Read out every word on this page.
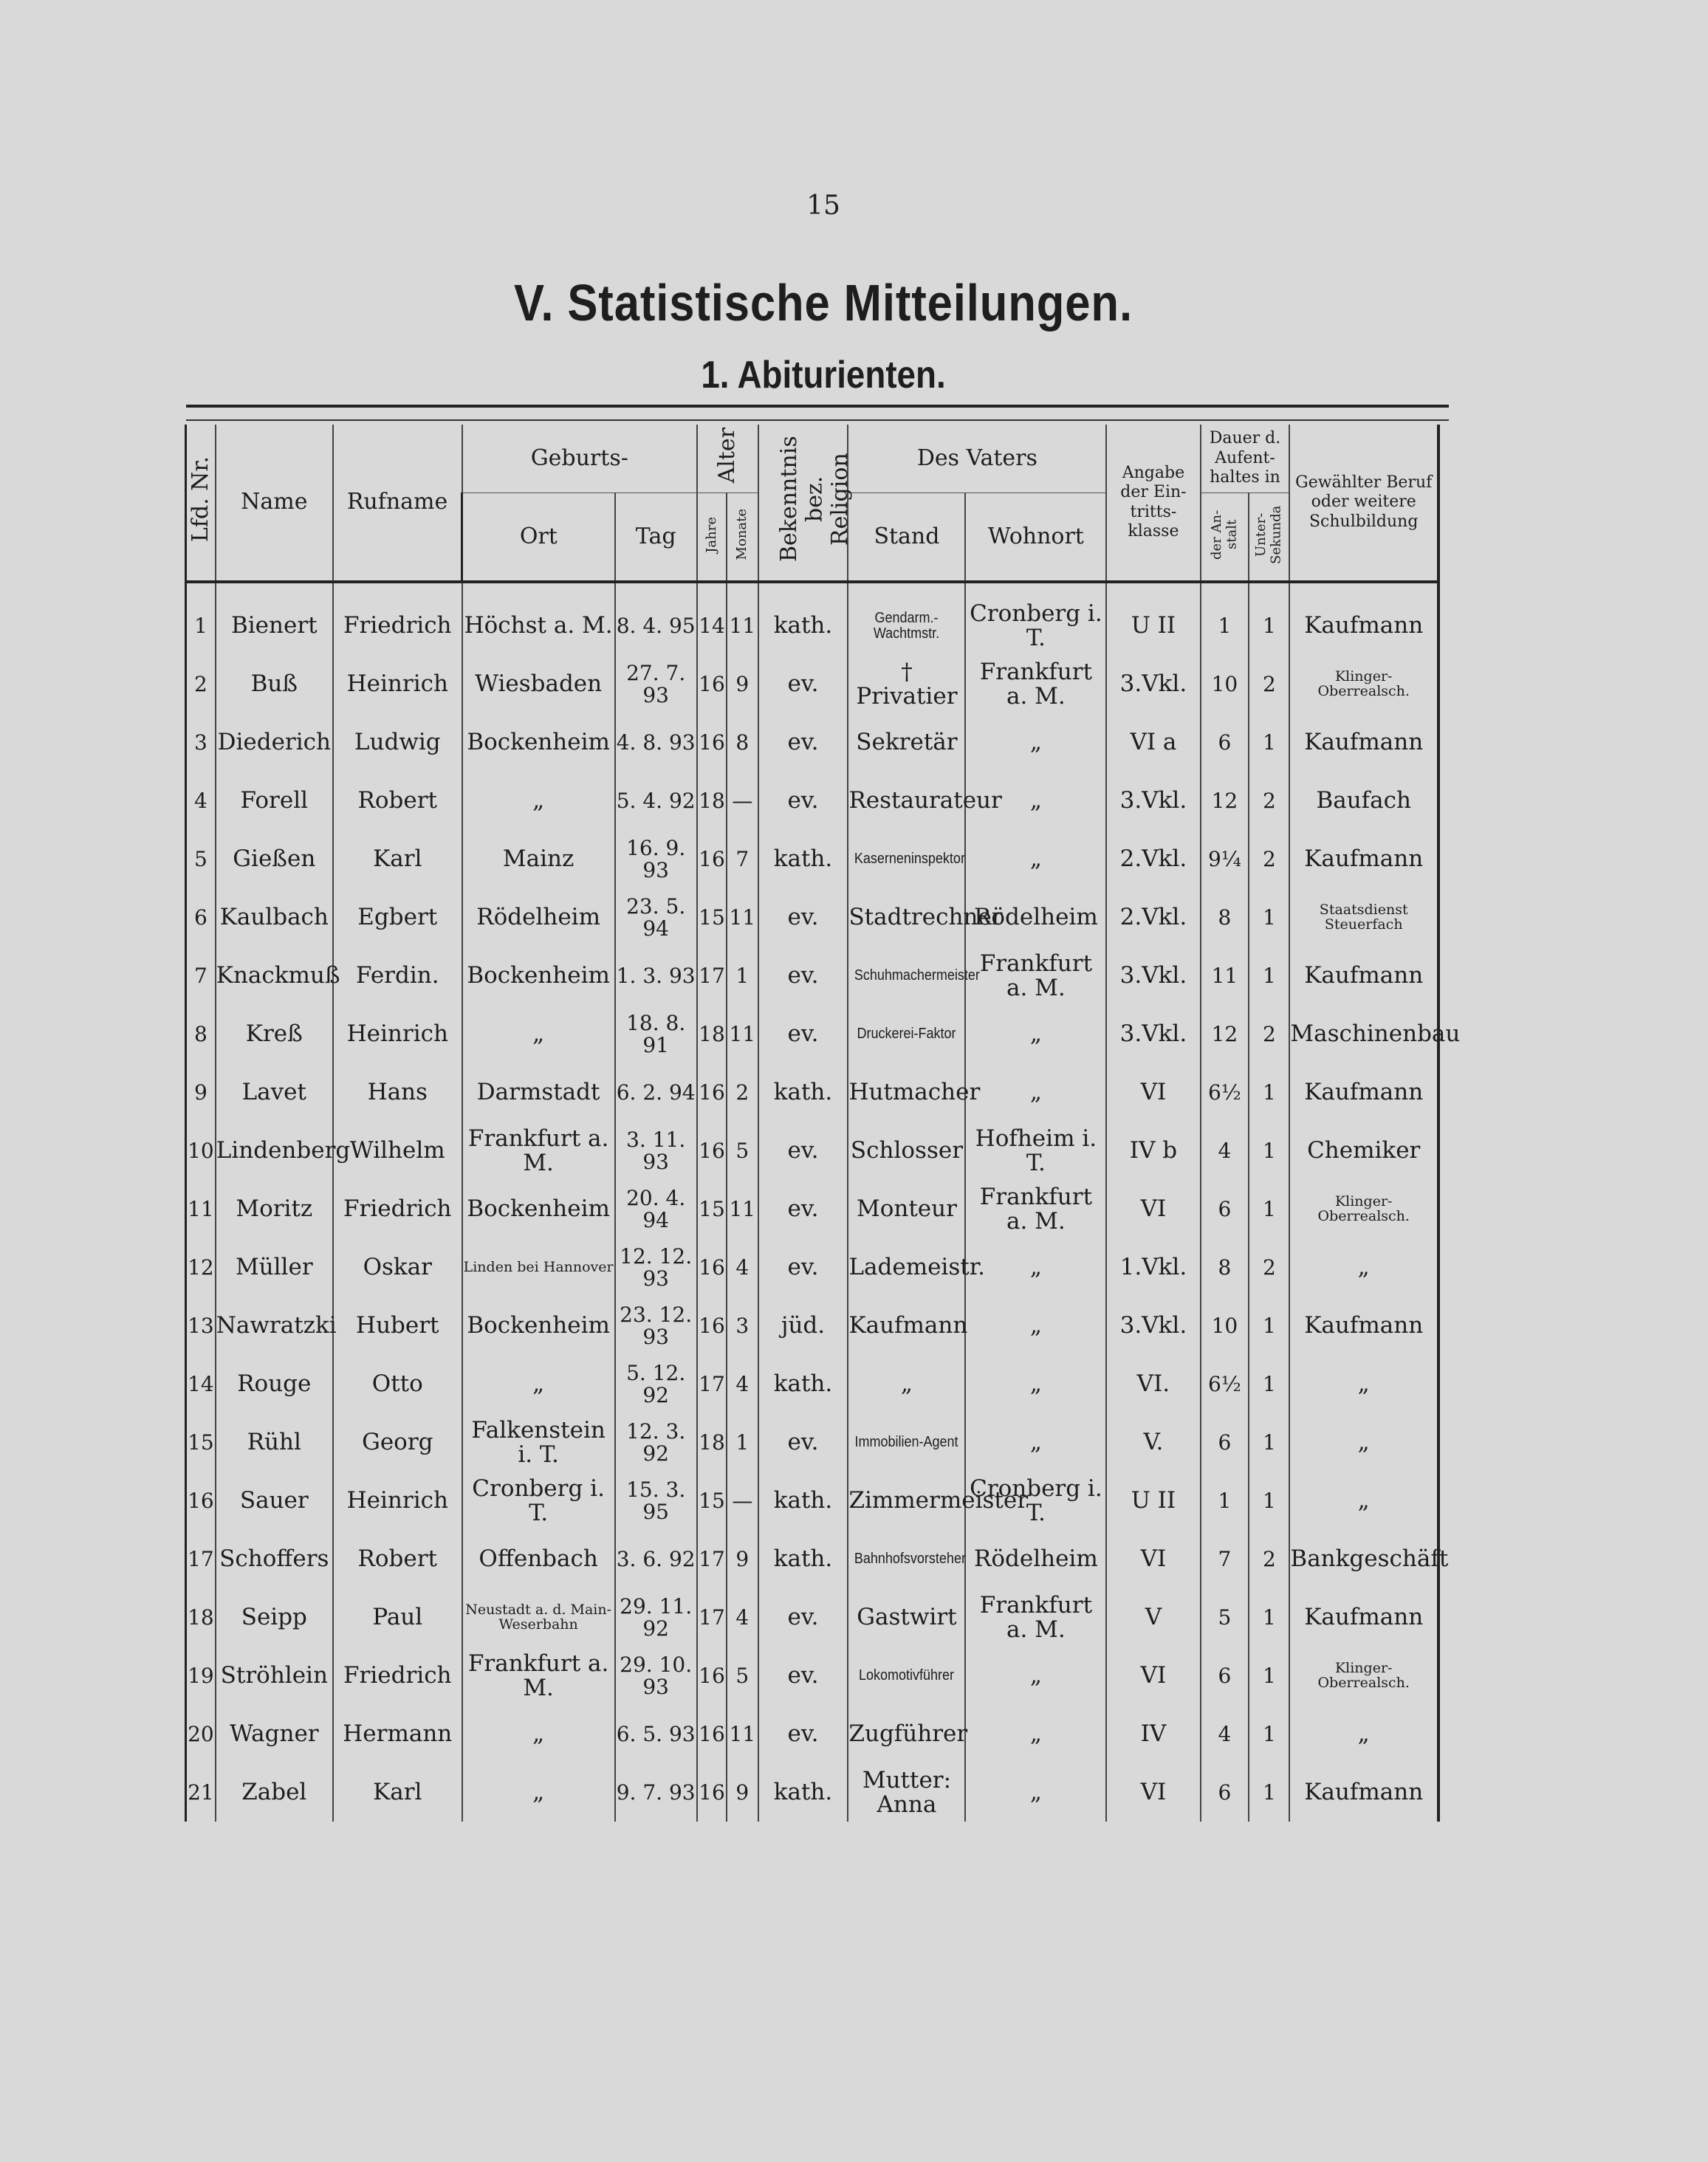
15
V. Statistische Mitteilungen.
1. Abiturienten.
Lfd. Nr.	Name	Rufname	Geburts-		Alter		Bekenntnis bez. Religion	Des Vaters		Angabe der Ein-tritts-klasse	Dauer d. Aufent-haltes in		Gewählter Beruf oder weitere Schulbildung
			Ort	Tag	Jahre	Monate		Stand	Wohnort		der An-stalt	Unter-Sekunda	
1	Bienert	Friedrich	Höchst a. M.	8. 4. 95	14	11	kath.	Gendarm.-Wachtmstr.	Cronberg i. T.	U II	1	1	Kaufmann
2	Buß	Heinrich	Wiesbaden	27. 7. 93	16	9	ev.	† Privatier	Frankfurt a. M.	3.Vkl.	10	2	Klinger-Oberrealsch.
3	Diederich	Ludwig	Bockenheim	4. 8. 93	16	8	ev.	Sekretär	„	VI a	6	1	Kaufmann
4	Forell	Robert	„	5. 4. 92	18	—	ev.	Restaurateur	„	3.Vkl.	12	2	Baufach
5	Gießen	Karl	Mainz	16. 9. 93	16	7	kath.	Kaserneninspektor	„	2.Vkl.	9¼	2	Kaufmann
6	Kaulbach	Egbert	Rödelheim	23. 5. 94	15	11	ev.	Stadtrechner	Rödelheim	2.Vkl.	8	1	Staatsdienst Steuerfach
7	Knackmuß	Ferdin.	Bockenheim	1. 3. 93	17	1	ev.	Schuhmachermeister	Frankfurt a. M.	3.Vkl.	11	1	Kaufmann
8	Kreß	Heinrich	„	18. 8. 91	18	11	ev.	Druckerei-Faktor	„	3.Vkl.	12	2	Maschinenbau
9	Lavet	Hans	Darmstadt	6. 2. 94	16	2	kath.	Hutmacher	„	VI	6½	1	Kaufmann
10	Lindenberg	Wilhelm	Frankfurt a. M.	3. 11. 93	16	5	ev.	Schlosser	Hofheim i. T.	IV b	4	1	Chemiker
11	Moritz	Friedrich	Bockenheim	20. 4. 94	15	11	ev.	Monteur	Frankfurt a. M.	VI	6	1	Klinger-Oberrealsch.
12	Müller	Oskar	Linden bei Hannover	12. 12. 93	16	4	ev.	Lademeistr.	„	1.Vkl.	8	2	„
13	Nawratzki	Hubert	Bockenheim	23. 12. 93	16	3	jüd.	Kaufmann	„	3.Vkl.	10	1	Kaufmann
14	Rouge	Otto	„	5. 12. 92	17	4	kath.	„	„	VI.	6½	1	„
15	Rühl	Georg	Falkenstein i. T.	12. 3. 92	18	1	ev.	Immobilien-Agent	„	V.	6	1	„
16	Sauer	Heinrich	Cronberg i. T.	15. 3. 95	15	—	kath.	Zimmermeister	Cronberg i. T.	U II	1	1	„
17	Schoffers	Robert	Offenbach	3. 6. 92	17	9	kath.	Bahnhofsvorsteher	Rödelheim	VI	7	2	Bankgeschäft
18	Seipp	Paul	Neustadt a. d. Main-Weserbahn	29. 11. 92	17	4	ev.	Gastwirt	Frankfurt a. M.	V	5	1	Kaufmann
19	Ströhlein	Friedrich	Frankfurt a. M.	29. 10. 93	16	5	ev.	Lokomotivführer	„	VI	6	1	Klinger-Oberrealsch.
20	Wagner	Hermann	„	6. 5. 93	16	11	ev.	Zugführer	„	IV	4	1	„
21	Zabel	Karl	„	9. 7. 93	16	9	kath.	Mutter: Anna	„	VI	6	1	Kaufmann
